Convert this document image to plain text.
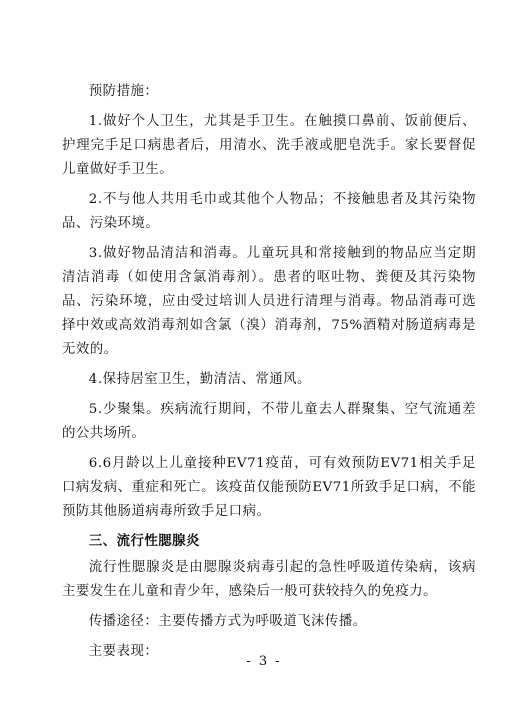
预防措施：

1.做好个人卫生，尤其是手卫生。在触摸口鼻前、饭前便后、护理完手足口病患者后，用清水、洗手液或肥皂洗手。家长要督促儿童做好手卫生。

2.不与他人共用毛巾或其他个人物品；不接触患者及其污染物品、污染环境。

3.做好物品清洁和消毒。儿童玩具和常接触到的物品应当定期清洁消毒（如使用含氯消毒剂）。患者的呕吐物、粪便及其污染物品、污染环境，应由受过培训人员进行清理与消毒。物品消毒可选择中效或高效消毒剂如含氯（溴）消毒剂，75%酒精对肠道病毒是无效的。

4.保持居室卫生，勤清洁、常通风。

5.少聚集。疾病流行期间，不带儿童去人群聚集、空气流通差的公共场所。

6.6月龄以上儿童接种EV71疫苗，可有效预防EV71相关手足口病发病、重症和死亡。该疫苗仅能预防EV71所致手足口病，不能预防其他肠道病毒所致手足口病。

三、流行性腮腺炎

流行性腮腺炎是由腮腺炎病毒引起的急性呼吸道传染病，该病主要发生在儿童和青少年，感染后一般可获较持久的免疫力。

传播途径：主要传播方式为呼吸道飞沫传播。

主要表现：

- 3 -
